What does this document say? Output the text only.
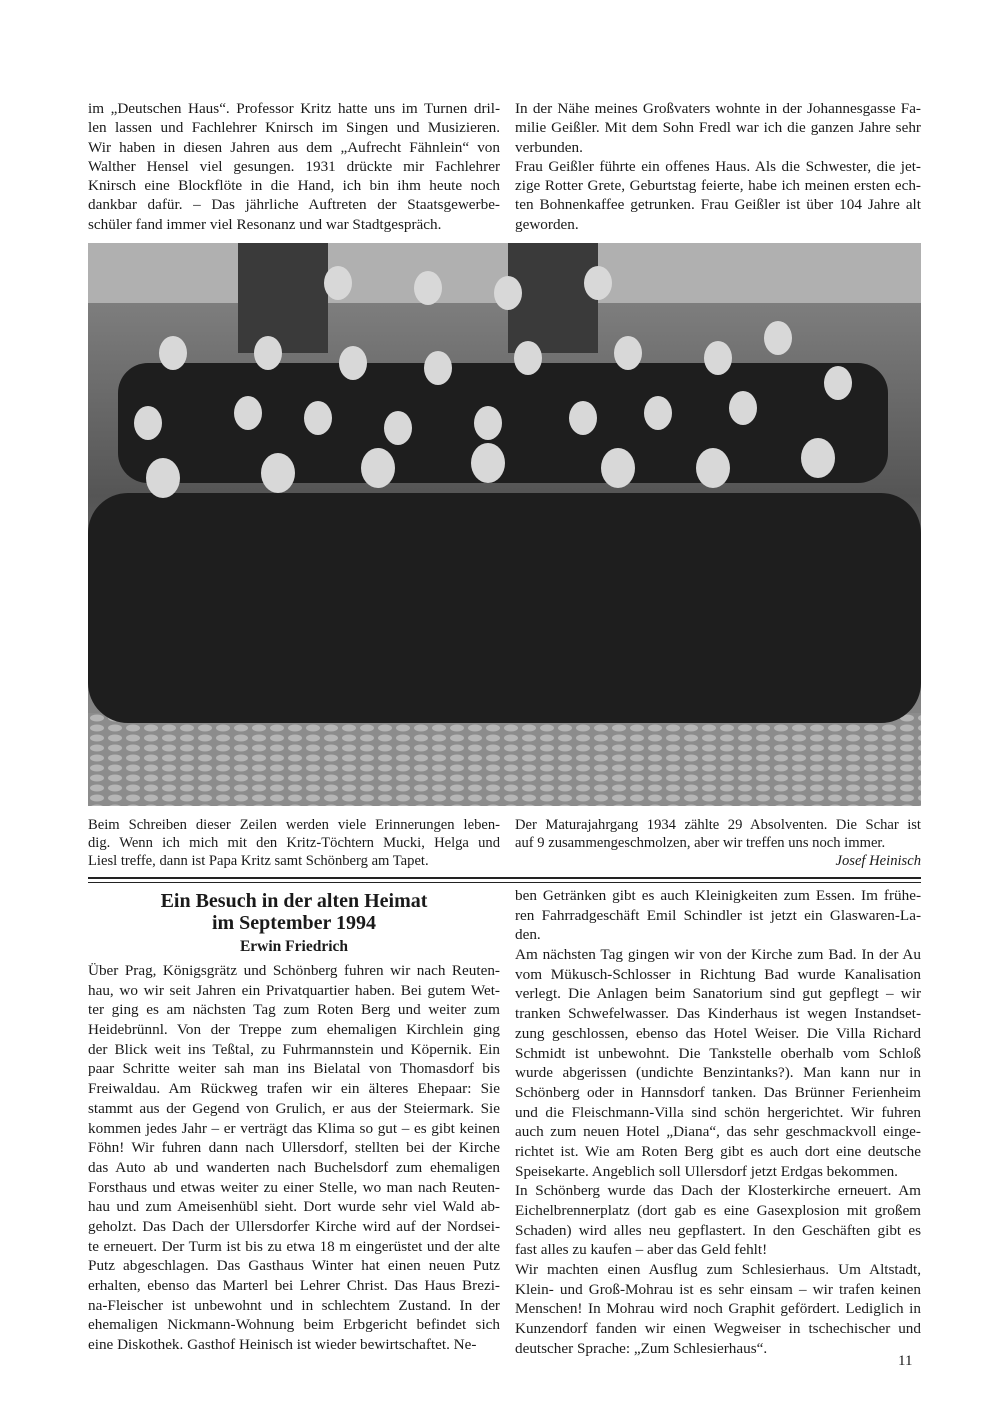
im „Deutschen Haus“. Professor Kritz hatte uns im Turnen dril-
len lassen und Fachlehrer Knirsch im Singen und Musizieren.
Wir haben in diesen Jahren aus dem „Aufrecht Fähnlein“ von
Walther Hensel viel gesungen. 1931 drückte mir Fachlehrer
Knirsch eine Blockflöte in die Hand, ich bin ihm heute noch
dankbar dafür. – Das jährliche Auftreten der Staatsgewerbe-
schüler fand immer viel Resonanz und war Stadtgespräch.
In der Nähe meines Großvaters wohnte in der Johannesgasse Fa-
milie Geißler. Mit dem Sohn Fredl war ich die ganzen Jahre sehr
verbunden.
Frau Geißler führte ein offenes Haus. Als die Schwester, die jet-
zige Rotter Grete, Geburtstag feierte, habe ich meinen ersten ech-
ten Bohnenkaffee getrunken. Frau Geißler ist über 104 Jahre alt
geworden.
Beim Schreiben dieser Zeilen werden viele Erinnerungen leben-
dig. Wenn ich mich mit den Kritz-Töchtern Mucki, Helga und
Liesl treffe, dann ist Papa Kritz samt Schönberg am Tapet.
Der Maturajahrgang 1934 zählte 29 Absolventen. Die Schar ist
auf 9 zusammengeschmolzen, aber wir treffen uns noch immer.
Josef Heinisch
Ein Besuch in der alten Heimat
im September 1994
Erwin Friedrich
Über Prag, Königsgrätz und Schönberg fuhren wir nach Reuten-
hau, wo wir seit Jahren ein Privatquartier haben. Bei gutem Wet-
ter ging es am nächsten Tag zum Roten Berg und weiter zum
Heidebrünnl. Von der Treppe zum ehemaligen Kirchlein ging
der Blick weit ins Teßtal, zu Fuhrmannstein und Köpernik. Ein
paar Schritte weiter sah man ins Bielatal von Thomasdorf bis
Freiwaldau. Am Rückweg trafen wir ein älteres Ehepaar: Sie
stammt aus der Gegend von Grulich, er aus der Steiermark. Sie
kommen jedes Jahr – er verträgt das Klima so gut – es gibt keinen
Föhn! Wir fuhren dann nach Ullersdorf, stellten bei der Kirche
das Auto ab und wanderten nach Buchelsdorf zum ehemaligen
Forsthaus und etwas weiter zu einer Stelle, wo man nach Reuten-
hau und zum Ameisenhübl sieht. Dort wurde sehr viel Wald ab-
geholzt. Das Dach der Ullersdorfer Kirche wird auf der Nordsei-
te erneuert. Der Turm ist bis zu etwa 18 m eingerüstet und der alte
Putz abgeschlagen. Das Gasthaus Winter hat einen neuen Putz
erhalten, ebenso das Marterl bei Lehrer Christ. Das Haus Brezi-
na-Fleischer ist unbewohnt und in schlechtem Zustand. In der
ehemaligen Nickmann-Wohnung beim Erbgericht befindet sich
eine Diskothek. Gasthof Heinisch ist wieder bewirtschaftet. Ne-
ben Getränken gibt es auch Kleinigkeiten zum Essen. Im frühe-
ren Fahrradgeschäft Emil Schindler ist jetzt ein Glaswaren-La-
den.
Am nächsten Tag gingen wir von der Kirche zum Bad. In der Au
vom Mükusch-Schlosser in Richtung Bad wurde Kanalisation
verlegt. Die Anlagen beim Sanatorium sind gut gepflegt – wir
tranken Schwefelwasser. Das Kinderhaus ist wegen Instandset-
zung geschlossen, ebenso das Hotel Weiser. Die Villa Richard
Schmidt ist unbewohnt. Die Tankstelle oberhalb vom Schloß
wurde abgerissen (undichte Benzintanks?). Man kann nur in
Schönberg oder in Hannsdorf tanken. Das Brünner Ferienheim
und die Fleischmann-Villa sind schön hergerichtet. Wir fuhren
auch zum neuen Hotel „Diana“, das sehr geschmackvoll einge-
richtet ist. Wie am Roten Berg gibt es auch dort eine deutsche
Speisekarte. Angeblich soll Ullersdorf jetzt Erdgas bekommen.
In Schönberg wurde das Dach der Klosterkirche erneuert. Am
Eichelbrennerplatz (dort gab es eine Gasexplosion mit großem
Schaden) wird alles neu gepflastert. In den Geschäften gibt es
fast alles zu kaufen – aber das Geld fehlt!
Wir machten einen Ausflug zum Schlesierhaus. Um Altstadt,
Klein- und Groß-Mohrau ist es sehr einsam – wir trafen keinen
Menschen! In Mohrau wird noch Graphit gefördert. Lediglich in
Kunzendorf fanden wir einen Wegweiser in tschechischer und
deutscher Sprache: „Zum Schlesierhaus“.
11
